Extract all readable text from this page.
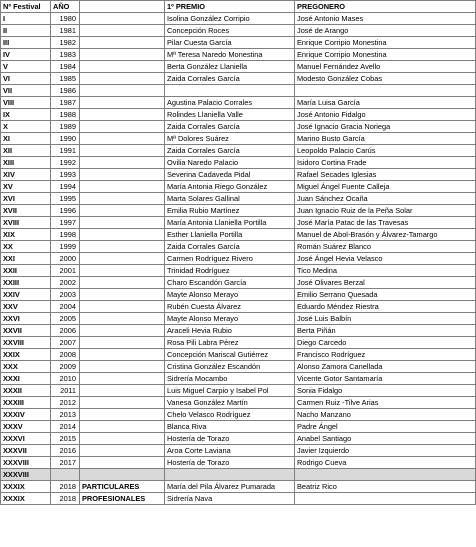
Nº Festival	AÑO		1º PREMIO	PREGONERO
I	1980		Isolina González Corripio	José Antonio Mases
II	1981		Concepción Roces	José de Arango
III	1982		Pilar Cuesta García	Enrique Corripio Monestina
IV	1983		Mª Teresa Naredo Monestina	Enrique Corripio Monestina
V	1984		Berta González Llaniella	Manuel Fernández Avello
VI	1985		Zaida Corrales García	Modesto González Cobas
VII	1986			
VIII	1987		Agustina Palacio Corrales	María Luisa García
IX	1988		Rolindes Llaniella Valle	José Antonio Fidalgo
X	1989		Zaida Corrales García	José Ignacio Gracia Noriega
XI	1990		Mª Dolores Suárez	Marino Busto García
XII	1991		Zaida Corrales García	Leopoldo Palacio Carús
XIII	1992		Ovilia Naredo Palacio	Isidoro Cortina Frade
XIV	1993		Severina Cadaveda Pidal	Rafael Secades Iglesias
XV	1994		María Antonia Riego González	Miguel Ángel Fuente Calleja
XVI	1995		Marta Solares Gallinal	Juan Sánchez Ocaña
XVII	1996		Emilia Rubio Martínez	Juan Ignacio Ruiz de la Peña Solar
XVIII	1997		María Antonia Llaniella Portilla	José María Patac de las Travesas
XIX	1998		Esther Llaniella Portilla	Manuel de Abol-Brasón y Álvarez-Tamargo
XX	1999		Zaida Corrales García	Román Suárez Blanco
XXI	2000		Carmen Rodríguez Rivero	José Ángel Hevia Velasco
XXII	2001		Trinidad Rodríguez	Tico Medina
XXIII	2002		Charo Escandón García	José Olivares Berzal
XXIV	2003		Mayte Alonso Merayo	Emilio Serrano Quesada
XXV	2004		Rubén Cuesta Álvarez	Eduardo Méndez Riestra
XXVI	2005		Mayte Alonso Merayo	José Luis Balbín
XXVII	2006		Araceli Hevia Rubio	Berta Piñán
XXVIII	2007		Rosa Pili Labra Pérez	Diego Carcedo
XXIX	2008		Concepción Mariscal Gutiérrez	Francisco Rodríguez
XXX	2009		Cristina González Escandón	Alonso Zamora Canellada
XXXI	2010		Sidrería Mocambo	Vicente Gotor Santamaría
XXXII	2011		Luis Miguel Carpio y Isabel Pol	Sonia Fidalgo
XXXIII	2012		Vanesa González Martín	Carmen Ruiz -Tilve Arias
XXXIV	2013		Chelo Velasco Rodríguez	Nacho Manzano
XXXV	2014		Blanca Riva	Padre Ángel
XXXVI	2015		Hostería de Torazo	Anabel Santiago
XXXVII	2016		Aroa Corte Laviana	Javier Izquierdo
XXXVIII	2017		Hostería de Torazo	Rodrigo Cueva
XXXVIII				
XXXIX	2018	PARTICULARES	María del Pila Álvarez Pumarada	Beatriz Rico
XXXIX	2018	PROFESIONALES	Sidrería Nava	
